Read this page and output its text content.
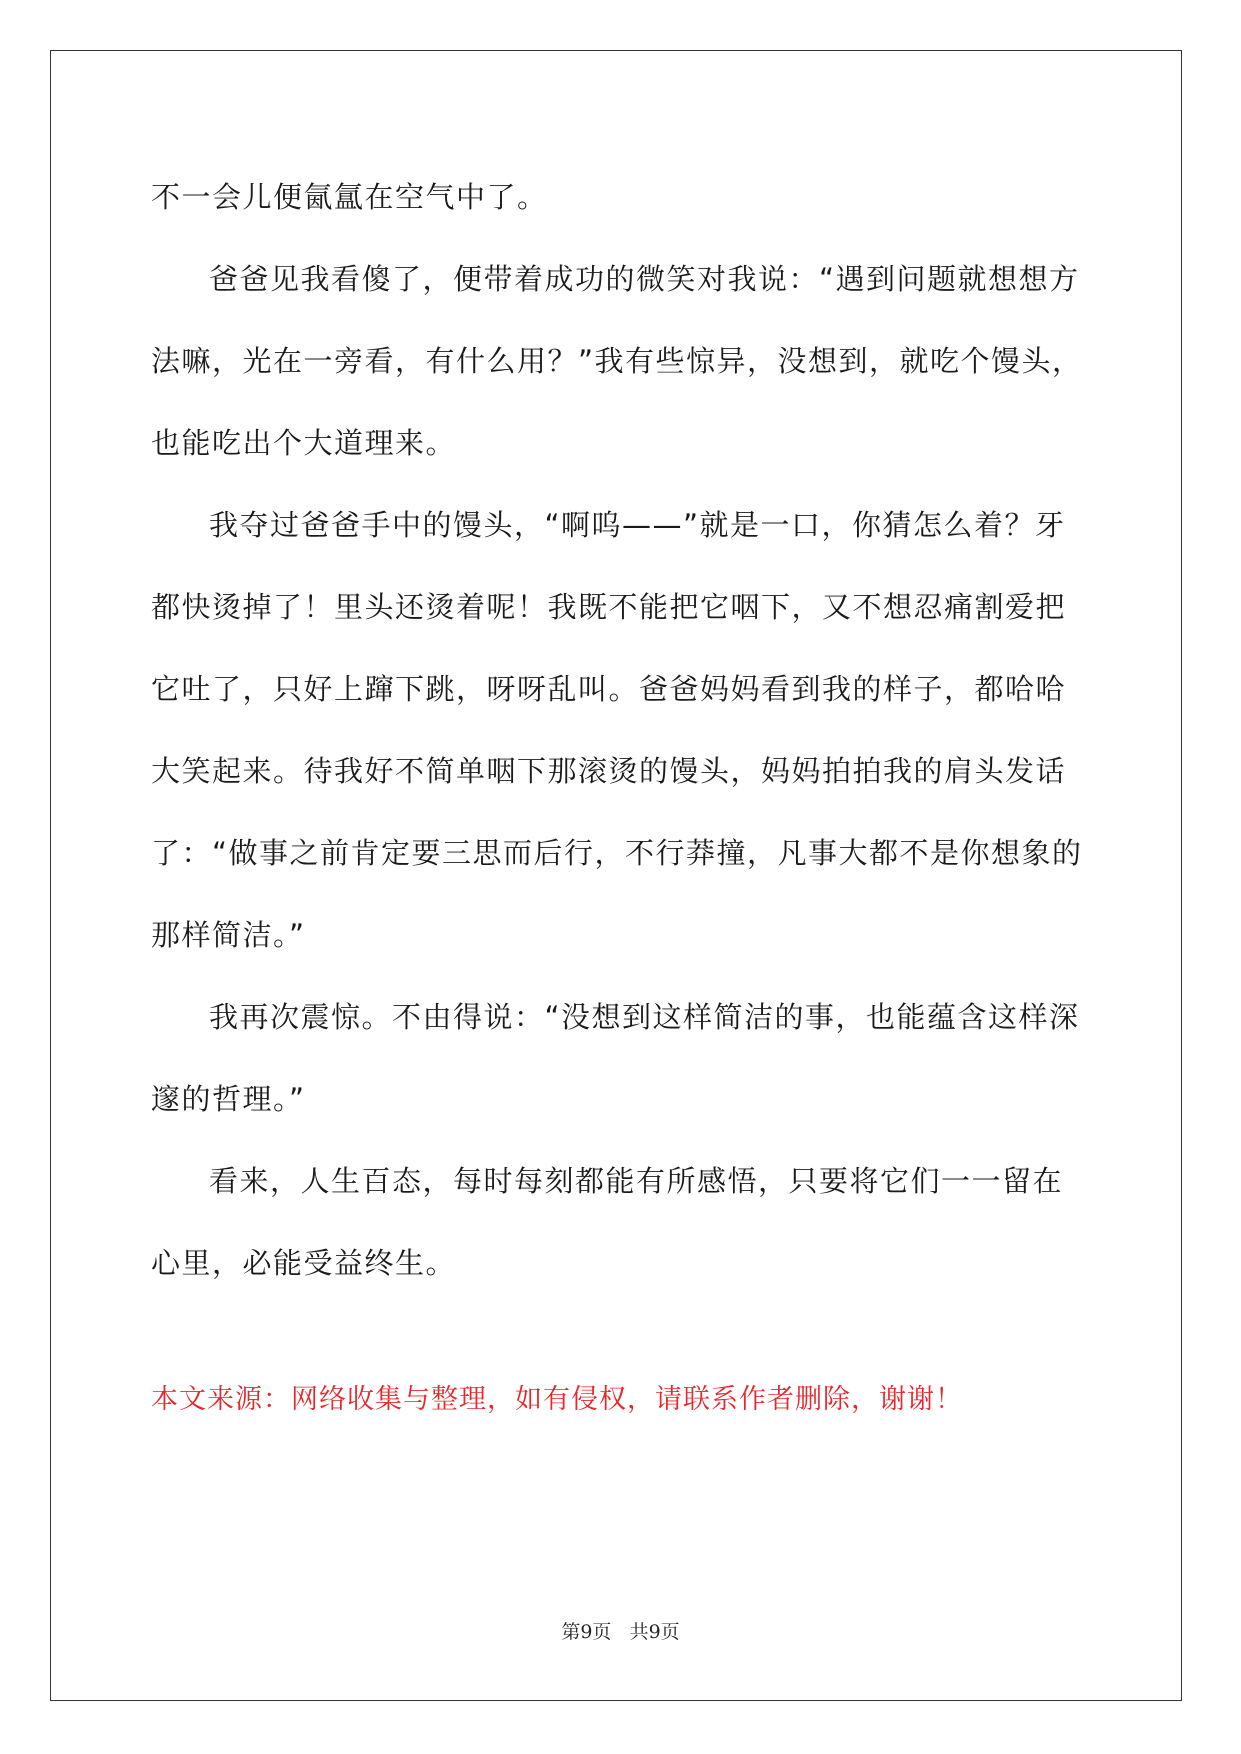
不一会儿便氤氲在空气中了。

爸爸见我看傻了，便带着成功的微笑对我说：“遇到问题就想想方法嘛，光在一旁看，有什么用？”我有些惊异，没想到，就吃个馒头，也能吃出个大道理来。

我夺过爸爸手中的馒头，“啊呜——”就是一口，你猜怎么着？牙都快烫掉了！里头还烫着呢！我既不能把它咽下，又不想忍痛割爱把它吐了，只好上蹿下跳，呀呀乱叫。爸爸妈妈看到我的样子，都哈哈大笑起来。待我好不简单咽下那滚烫的馒头，妈妈拍拍我的肩头发话了：“做事之前肯定要三思而后行，不行莽撞，凡事大都不是你想象的那样简洁。”

我再次震惊。不由得说：“没想到这样简洁的事，也能蕴含这样深邃的哲理。”

看来，人生百态，每时每刻都能有所感悟，只要将它们一一留在心里，必能受益终生。

本文来源：网络收集与整理，如有侵权，请联系作者删除，谢谢！

第9页 共9页
